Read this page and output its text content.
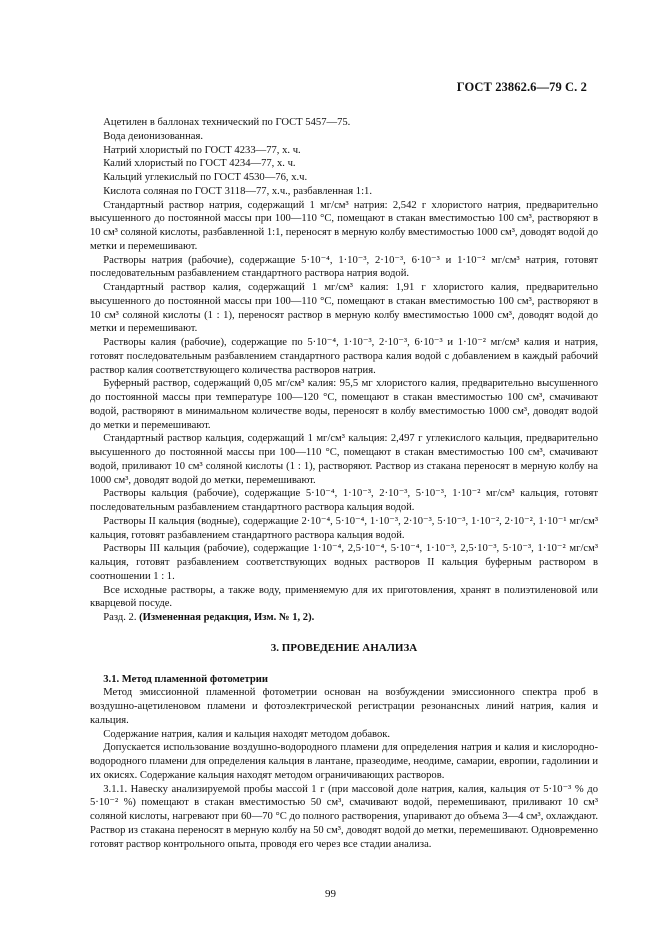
ГОСТ 23862.6—79 С. 2

Ацетилен в баллонах технический по ГОСТ 5457—75.

Вода деионизованная.

Натрий хлористый по ГОСТ 4233—77, х. ч.

Калий хлористый по ГОСТ 4234—77, х. ч.

Кальций углекислый по ГОСТ 4530—76, х.ч.

Кислота соляная по ГОСТ 3118—77, х.ч., разбавленная 1:1.

Стандартный раствор натрия, содержащий 1 мг/см³ натрия: 2,542 г хлористого натрия, предварительно высушенного до постоянной массы при 100—110 °С, помещают в стакан вместимостью 100 см³, растворяют в 10 см³ соляной кислоты, разбавленной 1:1, переносят в мерную колбу вместимостью 1000 см³, доводят водой до метки и перемешивают.

Растворы натрия (рабочие), содержащие 5·10⁻⁴, 1·10⁻³, 2·10⁻³, 6·10⁻³ и 1·10⁻² мг/см³ натрия, готовят последовательным разбавлением стандартного раствора натрия водой.

Стандартный раствор калия, содержащий 1 мг/см³ калия: 1,91 г хлористого калия, предварительно высушенного до постоянной массы при 100—110 °С, помещают в стакан вместимостью 100 см³, растворяют в 10 см³ соляной кислоты (1 : 1), переносят раствор в мерную колбу вместимостью 1000 см³, доводят водой до метки и перемешивают.

Растворы калия (рабочие), содержащие по 5·10⁻⁴, 1·10⁻³, 2·10⁻³, 6·10⁻³ и 1·10⁻² мг/см³ калия и натрия, готовят последовательным разбавлением стандартного раствора калия водой с добавлением в каждый рабочий раствор калия соответствующего количества растворов натрия.

Буферный раствор, содержащий 0,05 мг/см³ калия: 95,5 мг хлористого калия, предварительно высушенного до постоянной массы при температуре 100—120 °С, помещают в стакан вместимостью 100 см³, смачивают водой, растворяют в минимальном количестве воды, переносят в колбу вместимостью 1000 см³, доводят водой до метки и перемешивают.

Стандартный раствор кальция, содержащий 1 мг/см³ кальция: 2,497 г углекислого кальция, предварительно высушенного до постоянной массы при 100—110 °С, помещают в стакан вместимостью 100 см³, смачивают водой, приливают 10 см³ соляной кислоты (1 : 1), растворяют. Раствор из стакана переносят в мерную колбу на 1000 см³, доводят водой до метки, перемешивают.

Растворы кальция (рабочие), содержащие 5·10⁻⁴, 1·10⁻³, 2·10⁻³, 5·10⁻³, 1·10⁻² мг/см³ кальция, готовят последовательным разбавлением стандартного раствора кальция водой.

Растворы II кальция (водные), содержащие 2·10⁻⁴, 5·10⁻⁴, 1·10⁻³, 2·10⁻³, 5·10⁻³, 1·10⁻², 2·10⁻², 1·10⁻¹ мг/см³ кальция, готовят разбавлением стандартного раствора кальция водой.

Растворы III кальция (рабочие), содержащие 1·10⁻⁴, 2,5·10⁻⁴, 5·10⁻⁴, 1·10⁻³, 2,5·10⁻³, 5·10⁻³, 1·10⁻² мг/см³ кальция, готовят разбавлением соответствующих водных растворов II кальция буферным раствором в соотношении 1 : 1.

Все исходные растворы, а также воду, применяемую для их приготовления, хранят в полиэтиленовой или кварцевой посуде.

Разд. 2. (Измененная редакция, Изм. № 1, 2).

3. ПРОВЕДЕНИЕ АНАЛИЗА

3.1. Метод пламенной фотометрии

Метод эмиссионной пламенной фотометрии основан на возбуждении эмиссионного спектра проб в воздушно-ацетиленовом пламени и фотоэлектрической регистрации резонансных линий натрия, калия и кальция.

Содержание натрия, калия и кальция находят методом добавок.

Допускается использование воздушно-водородного пламени для определения натрия и калия и кислородно-водородного пламени для определения кальция в лантане, празеодиме, неодиме, самарии, европии, гадолинии и их окисях. Содержание кальция находят методом ограничивающих растворов.

3.1.1. Навеску анализируемой пробы массой 1 г (при массовой доле натрия, калия, кальция от 5·10⁻³ % до 5·10⁻² %) помещают в стакан вместимостью 50 см³, смачивают водой, перемешивают, приливают 10 см³ соляной кислоты, нагревают при 60—70 °С до полного растворения, упаривают до объема 3—4 см³, охлаждают. Раствор из стакана переносят в мерную колбу на 50 см³, доводят водой до метки, перемешивают. Одновременно готовят раствор контрольного опыта, проводя его через все стадии анализа.

99
